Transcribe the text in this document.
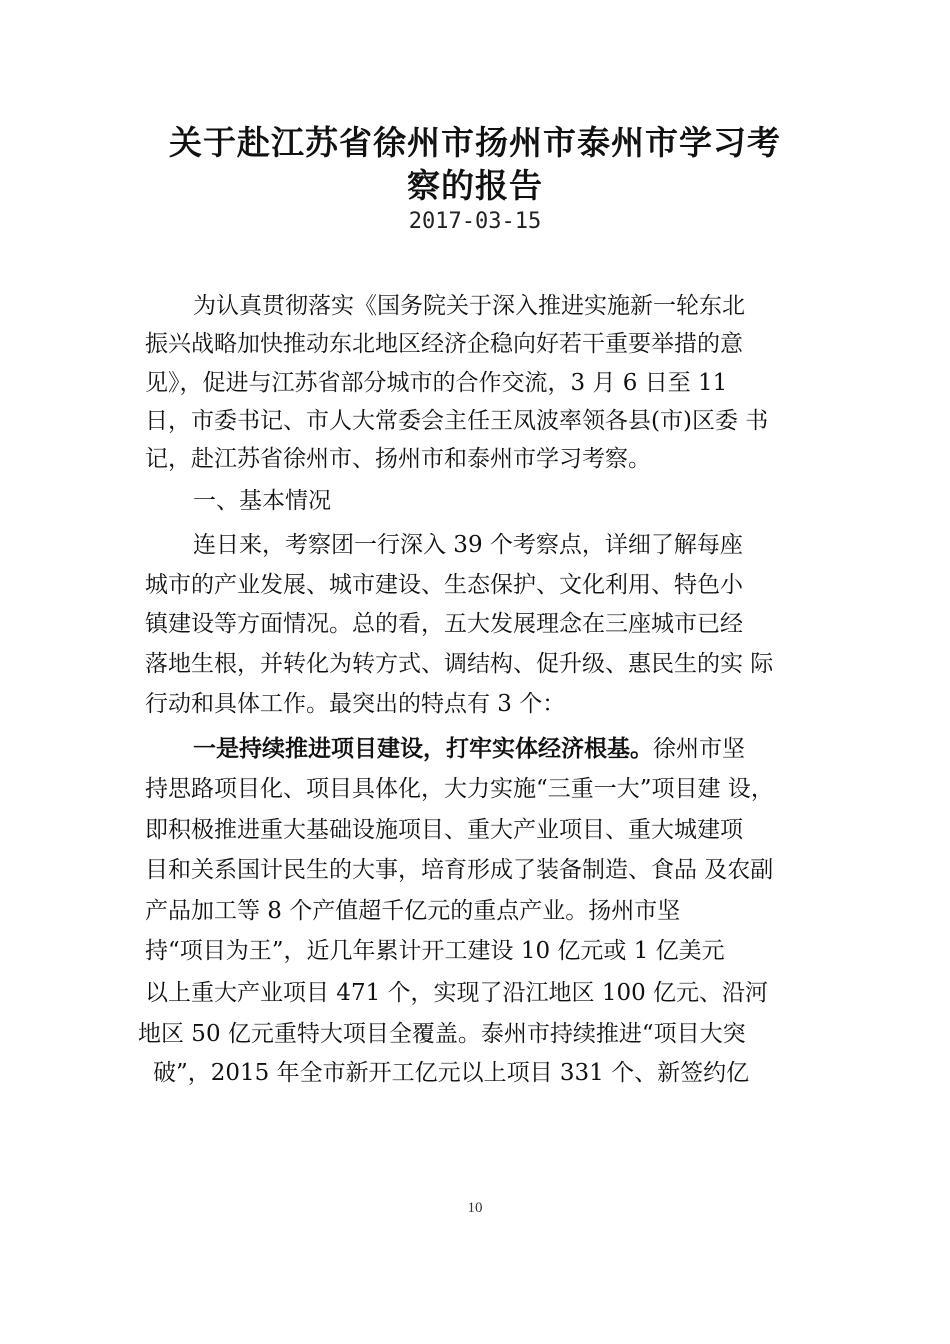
关于赴江苏省徐州市扬州市泰州市学习考
察的报告
2017-03-15
为认真贯彻落实《国务院关于深入推进实施新一轮东北
振兴战略加快推动东北地区经济企稳向好若干重要举措的意
见》，促进与江苏省部分城市的合作交流，3 月 6 日至 11
日，市委书记、市人大常委会主任王凤波率领各县(市)区委 书
记，赴江苏省徐州市、扬州市和泰州市学习考察。
一、基本情况
连日来，考察团一行深入 39 个考察点，详细了解每座
城市的产业发展、城市建设、生态保护、文化利用、特色小
镇建设等方面情况。总的看，五大发展理念在三座城市已经
落地生根，并转化为转方式、调结构、促升级、惠民生的实 际
行动和具体工作。最突出的特点有 3 个：
一是持续推进项目建设，打牢实体经济根基。徐州市坚
持思路项目化、项目具体化，大力实施“三重一大”项目建 设，
即积极推进重大基础设施项目、重大产业项目、重大城建项
目和关系国计民生的大事，培育形成了装备制造、食品 及农副
产品加工等 8 个产值超千亿元的重点产业。扬州市坚
持“项目为王”，近几年累计开工建设 10 亿元或 1 亿美元
以上重大产业项目 471 个，实现了沿江地区 100 亿元、沿河
地区 50 亿元重特大项目全覆盖。泰州市持续推进“项目大突
破”，2015 年全市新开工亿元以上项目 331 个、新签约亿
10
